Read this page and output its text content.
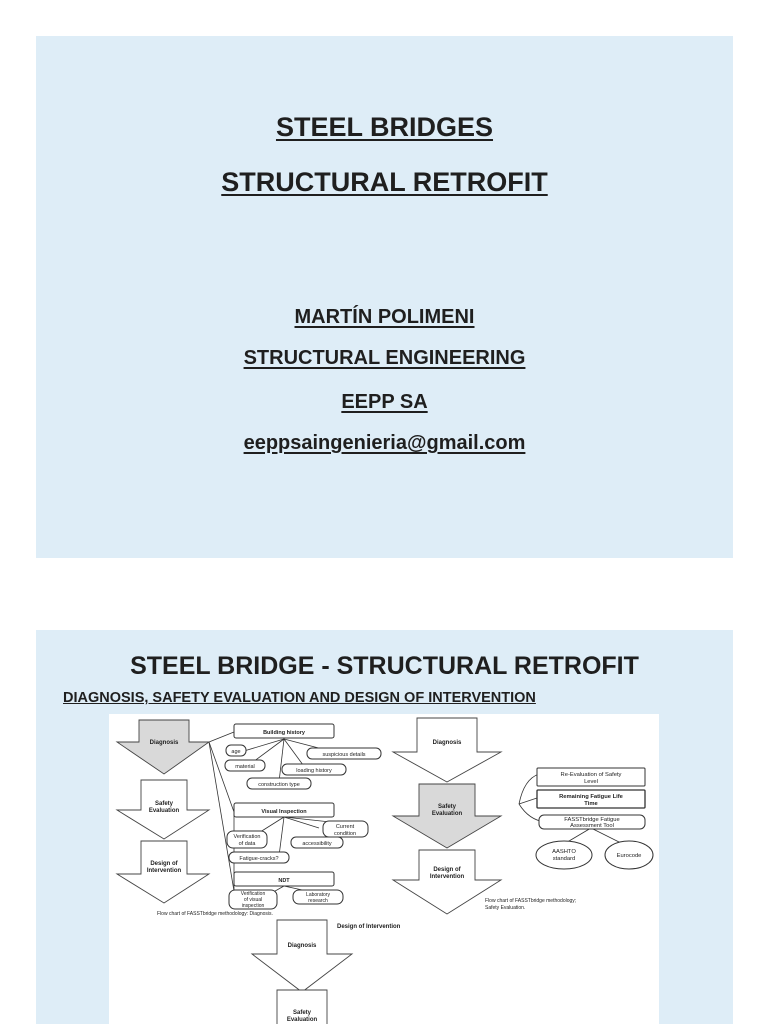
STEEL BRIDGES
STRUCTURAL RETROFIT
MARTÍN POLIMENI
STRUCTURAL ENGINEERING
EEPP SA
eeppsaingenieria@gmail.com
STEEL BRIDGE - STRUCTURAL RETROFIT
DIAGNOSIS, SAFETY EVALUATION AND DESIGN OF INTERVENTION
Diagnosis
Safety
Evaluation
Design of
Intervention
Building history
age	suspicious details
material
loading history
construction type
Visual Inspection
Verification
of data
Current
condition
accessibility
Fatigue-cracks?
NDT
Verification
of visual
inspection
Laboratory
research
Flow chart of FASSTbridge methodology: Diagnosis.
Diagnosis
Safety
Evaluation
Design of
Intervention
Re-Evaluation of Safety
Level
Remaining Fatigue Life
Time
FASSTbridge Fatigue
Assessment Tool
AASHTO
standard	Eurocode
Flow chart of FASSTbridge methodology;
Safety Evaluation.
Design of Intervention
Diagnosis
Safety
Evaluation
